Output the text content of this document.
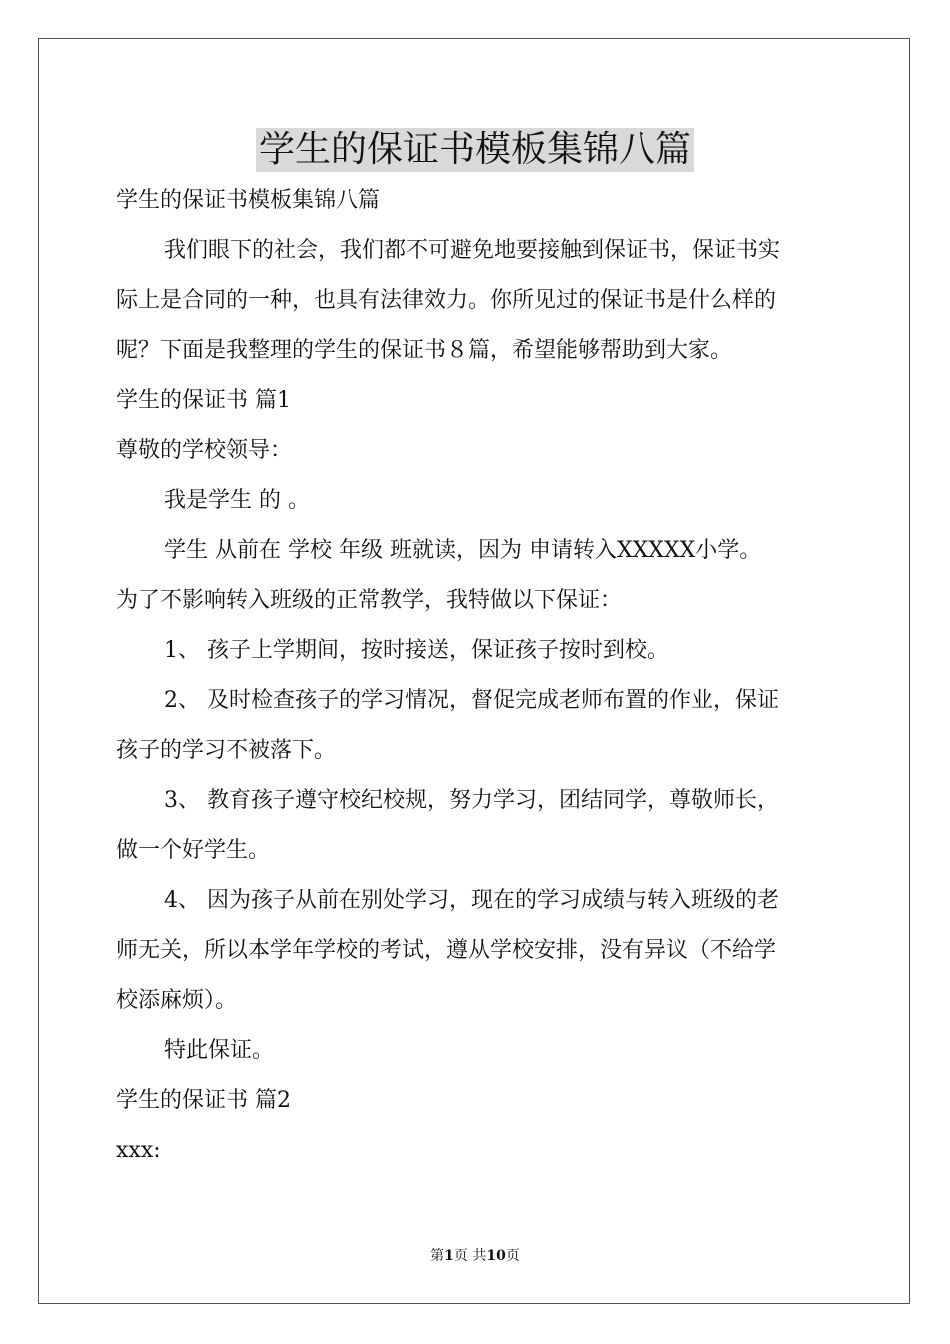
学生的保证书模板集锦八篇
学生的保证书模板集锦八篇
我们眼下的社会，我们都不可避免地要接触到保证书，保证书实
际上是合同的一种，也具有法律效力。你所见过的保证书是什么样的
呢？下面是我整理的学生的保证书８篇，希望能够帮助到大家。
学生的保证书 篇1
尊敬的学校领导：
我是学生 的 。
学生 从前在 学校 年级 班就读，因为 申请转入XXXXX小学。
为了不影响转入班级的正常教学，我特做以下保证：
1、 孩子上学期间，按时接送，保证孩子按时到校。
2、 及时检查孩子的学习情况，督促完成老师布置的作业，保证
孩子的学习不被落下。
3、 教育孩子遵守校纪校规，努力学习，团结同学，尊敬师长，
做一个好学生。
4、 因为孩子从前在别处学习，现在的学习成绩与转入班级的老
师无关，所以本学年学校的考试，遵从学校安排，没有异议（不给学
校添麻烦）。
特此保证。
学生的保证书 篇2
xxx:
第1页 共10页
